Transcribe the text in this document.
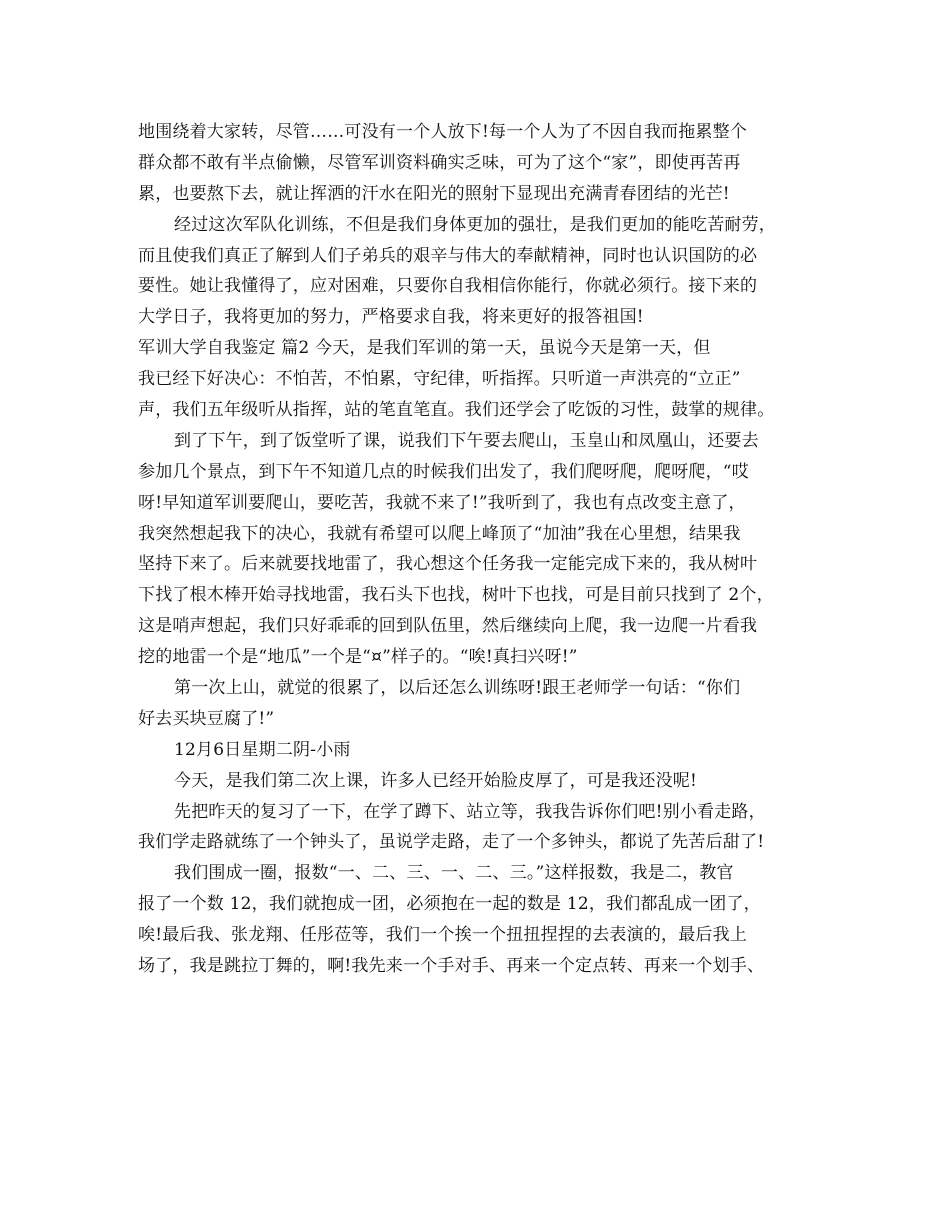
地围绕着大家转，尽管……可没有一个人放下!每一个人为了不因自我而拖累整个
群众都不敢有半点偷懒，尽管军训资料确实乏味，可为了这个“家”，即使再苦再
累，也要熬下去，就让挥洒的汗水在阳光的照射下显现出充满青春团结的光芒!
经过这次军队化训练，不但是我们身体更加的强壮，是我们更加的能吃苦耐劳，
而且使我们真正了解到人们子弟兵的艰辛与伟大的奉献精神，同时也认识国防的必
要性。她让我懂得了，应对困难，只要你自我相信你能行，你就必须行。接下来的
大学日子，我将更加的努力，严格要求自我，将来更好的报答祖国!
军训大学自我鉴定 篇2 今天，是我们军训的第一天，虽说今天是第一天，但
我已经下好决心：不怕苦，不怕累，守纪律，听指挥。只听道一声洪亮的“立正”
声，我们五年级听从指挥，站的笔直笔直。我们还学会了吃饭的习性，鼓掌的规律。
到了下午，到了饭堂听了课，说我们下午要去爬山，玉皇山和凤凰山，还要去
参加几个景点，到下午不知道几点的时候我们出发了，我们爬呀爬，爬呀爬，“哎
呀!早知道军训要爬山，要吃苦，我就不来了!”我听到了，我也有点改变主意了，
我突然想起我下的决心，我就有希望可以爬上峰顶了“加油”我在心里想，结果我
坚持下来了。后来就要找地雷了，我心想这个任务我一定能完成下来的，我从树叶
下找了根木棒开始寻找地雷，我石头下也找，树叶下也找，可是目前只找到了 2个，
这是哨声想起，我们只好乖乖的回到队伍里，然后继续向上爬，我一边爬一片看我
挖的地雷一个是“地瓜”一个是“¤”样子的。“唉!真扫兴呀!”
第一次上山，就觉的很累了，以后还怎么训练呀!跟王老师学一句话：“你们
好去买块豆腐了!”
12月6日星期二阴-小雨
今天，是我们第二次上课，许多人已经开始脸皮厚了，可是我还没呢!
先把昨天的复习了一下，在学了蹲下、站立等，我我告诉你们吧!别小看走路，
我们学走路就练了一个钟头了，虽说学走路，走了一个多钟头，都说了先苦后甜了!
我们围成一圈，报数“一、二、三、一、二、三。”这样报数，我是二，教官
报了一个数 12，我们就抱成一团，必须抱在一起的数是 12，我们都乱成一团了，
唉!最后我、张龙翔、任彤莅等，我们一个挨一个扭扭捏捏的去表演的，最后我上
场了，我是跳拉丁舞的，啊!我先来一个手对手、再来一个定点转、再来一个划手、
